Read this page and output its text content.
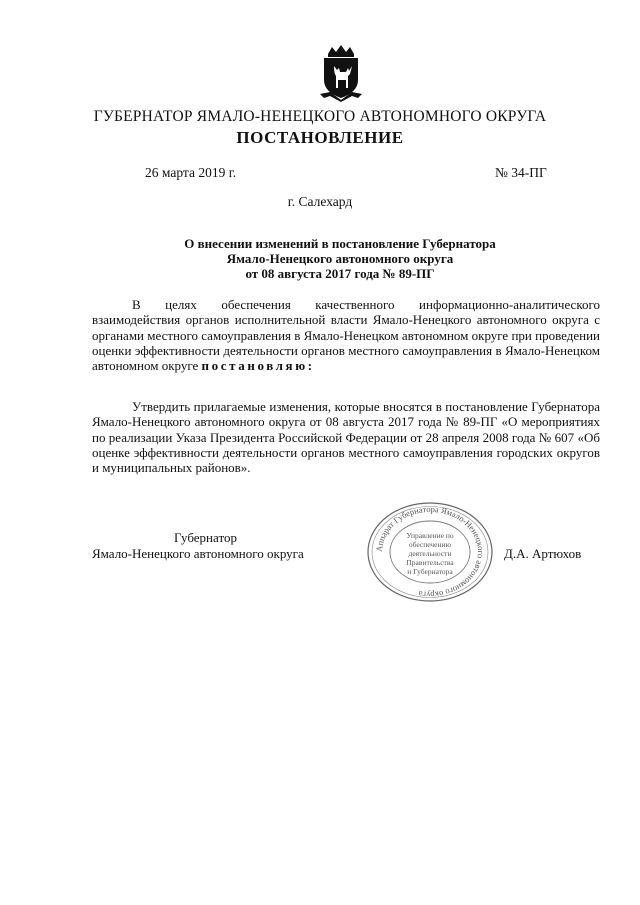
ГУБЕРНАТОР ЯМАЛО-НЕНЕЦКОГО АВТОНОМНОГО ОКРУГА
ПОСТАНОВЛЕНИЕ
26 марта 2019 г.	№ 34-ПГ
г. Салехард
О внесении изменений в постановление Губернатора
Ямало-Ненецкого автономного округа
от 08 августа 2017 года № 89-ПГ

В целях обеспечения качественного информационно-аналитического взаимодействия органов исполнительной власти Ямало-Ненецкого автономного округа с органами местного самоуправления в Ямало-Ненецком автономном округе при проведении оценки эффективности деятельности органов местного самоуправления в Ямало-Ненецком автономном округе постановляю:

Утвердить прилагаемые изменения, которые вносятся в постановление Губернатора Ямало-Ненецкого автономного округа от 08 августа 2017 года № 89-ПГ «О мероприятиях по реализации Указа Президента Российской Федерации от 28 апреля 2008 года № 607 «Об оценке эффективности деятельности органов местного самоуправления городских округов и муниципальных районов».

Губернатор
Ямало-Ненецкого автономного округа	Д.А. Артюхов
Аппарат Губернатора Ямало-Ненецкого автономного округа
Управление по
обеспечению
деятельности
Правительства
и Губернатора
